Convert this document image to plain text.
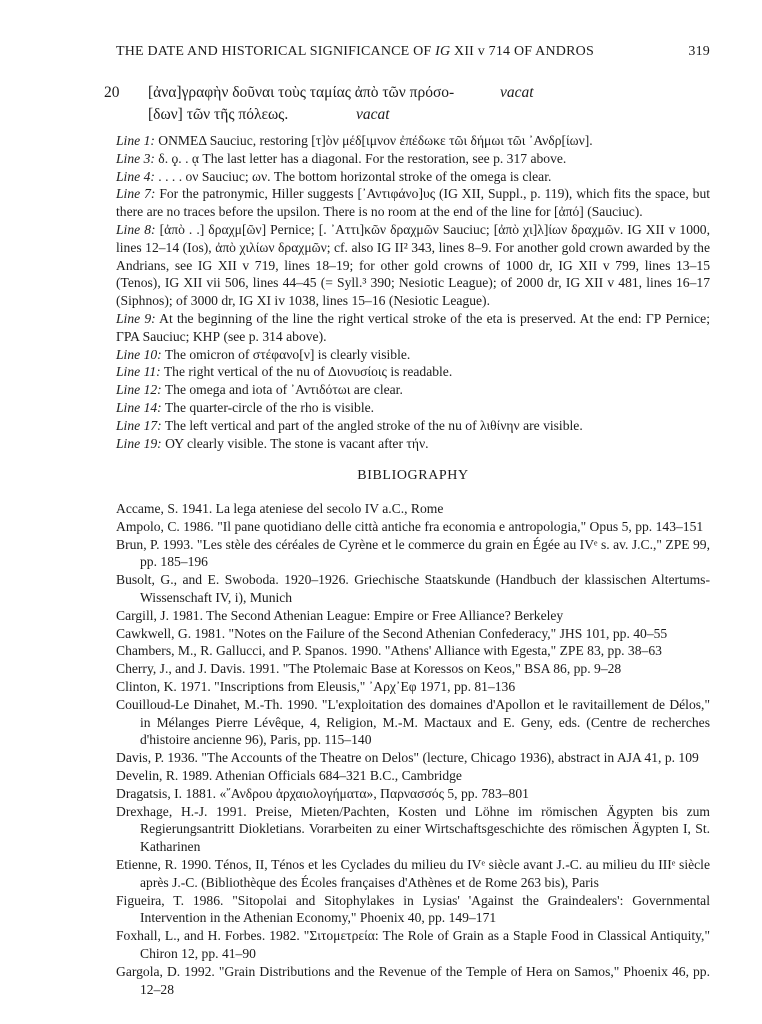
THE DATE AND HISTORICAL SIGNIFICANCE OF IG XII v 714 OF ANDROS	319
20	[ἀνα]γραφὴν δοῦναι τοὺς ταμίας ἀπὸ τῶν πρόσο-	vacat
[δων] τῶν τῆς πόλεως.	vacat

Line 1: ONMEΔ Sauciuc, restoring [τ]ὸν μέδ[ιμνον ἐπέδωκε τῶι δήμωι τῶι ᾽Ανδρ[ίων].

Line 3: δ. ϙ. . ᾳ The last letter has a diagonal. For the restoration, see p. 317 above.

Line 4: . . . . ον Sauciuc; ων. The bottom horizontal stroke of the omega is clear.

Line 7: For the patronymic, Hiller suggests [᾽Αντιφάνο]υς (IG XII, Suppl., p. 119), which fits the space, but there are no traces before the upsilon. There is no room at the end of the line for [ἀπό] (Sauciuc).

Line 8: [ἀπὸ . .] δραχμ[ῶν] Pernice; [. ᾽Αττι]κῶν δραχμῶν Sauciuc; [ἀπὸ χι]λ]ίων δραχμῶν. IG XII v 1000, lines 12–14 (Ios), ἀπὸ χιλίων δραχμῶν; cf. also IG II² 343, lines 8–9. For another gold crown awarded by the Andrians, see IG XII v 719, lines 18–19; for other gold crowns of 1000 dr, IG XII v 799, lines 13–15 (Tenos), IG XII vii 506, lines 44–45 (= Syll.³ 390; Nesiotic League); of 2000 dr, IG XII v 481, lines 16–17 (Siphnos); of 3000 dr, IG XI iv 1038, lines 15–16 (Nesiotic League).

Line 9: At the beginning of the line the right vertical stroke of the eta is preserved. At the end: ΓΡ Pernice; ΓΡΑ Sauciuc; ΚΗΡ (see p. 314 above).

Line 10: The omicron of στέφανο[ν] is clearly visible.

Line 11: The right vertical of the nu of Διονυσίοις is readable.

Line 12: The omega and iota of ᾽Αντιδότωι are clear.

Line 14: The quarter-circle of the rho is visible.

Line 17: The left vertical and part of the angled stroke of the nu of λιθίνην are visible.

Line 19: ΟΥ clearly visible. The stone is vacant after τήν.

BIBLIOGRAPHY

Accame, S. 1941. La lega ateniese del secolo IV a.C., Rome

Ampolo, C. 1986. "Il pane quotidiano delle città antiche fra economia e antropologia," Opus 5, pp. 143–151

Brun, P. 1993. "Les stèle des céréales de Cyrène et le commerce du grain en Égée au IVᵉ s. av. J.C.," ZPE 99, pp. 185–196

Busolt, G., and E. Swoboda. 1920–1926. Griechische Staatskunde (Handbuch der klassischen Altertums-Wissenschaft IV, i), Munich

Cargill, J. 1981. The Second Athenian League: Empire or Free Alliance? Berkeley

Cawkwell, G. 1981. "Notes on the Failure of the Second Athenian Confederacy," JHS 101, pp. 40–55

Chambers, M., R. Gallucci, and P. Spanos. 1990. "Athens' Alliance with Egesta," ZPE 83, pp. 38–63

Cherry, J., and J. Davis. 1991. "The Ptolemaic Base at Koressos on Keos," BSA 86, pp. 9–28

Clinton, K. 1971. "Inscriptions from Eleusis," ᾽Αρχ᾽Εφ 1971, pp. 81–136

Couilloud-Le Dinahet, M.-Th. 1990. "L'exploitation des domaines d'Apollon et le ravitaillement de Délos," in Mélanges Pierre Lévêque, 4, Religion, M.-M. Mactaux and E. Geny, eds. (Centre de recherches d'histoire ancienne 96), Paris, pp. 115–140

Davis, P. 1936. "The Accounts of the Theatre on Delos" (lecture, Chicago 1936), abstract in AJA 41, p. 109

Develin, R. 1989. Athenian Officials 684–321 B.C., Cambridge

Dragatsis, I. 1881. «῎Ανδρου ἀρχαιολογήματα», Παρνασσός 5, pp. 783–801

Drexhage, H.-J. 1991. Preise, Mieten/Pachten, Kosten und Löhne im römischen Ägypten bis zum Regierungsantritt Diokletians. Vorarbeiten zu einer Wirtschaftsgeschichte des römischen Ägypten I, St. Katharinen

Etienne, R. 1990. Ténos, II, Ténos et les Cyclades du milieu du IVᵉ siècle avant J.-C. au milieu du IIIᵉ siècle après J.-C. (Bibliothèque des Écoles françaises d'Athènes et de Rome 263 bis), Paris

Figueira, T. 1986. "Sitopolai and Sitophylakes in Lysias' 'Against the Graindealers': Governmental Intervention in the Athenian Economy," Phoenix 40, pp. 149–171

Foxhall, L., and H. Forbes. 1982. "Σιτομετρεία: The Role of Grain as a Staple Food in Classical Antiquity," Chiron 12, pp. 41–90

Gargola, D. 1992. "Grain Distributions and the Revenue of the Temple of Hera on Samos," Phoenix 46, pp. 12–28
